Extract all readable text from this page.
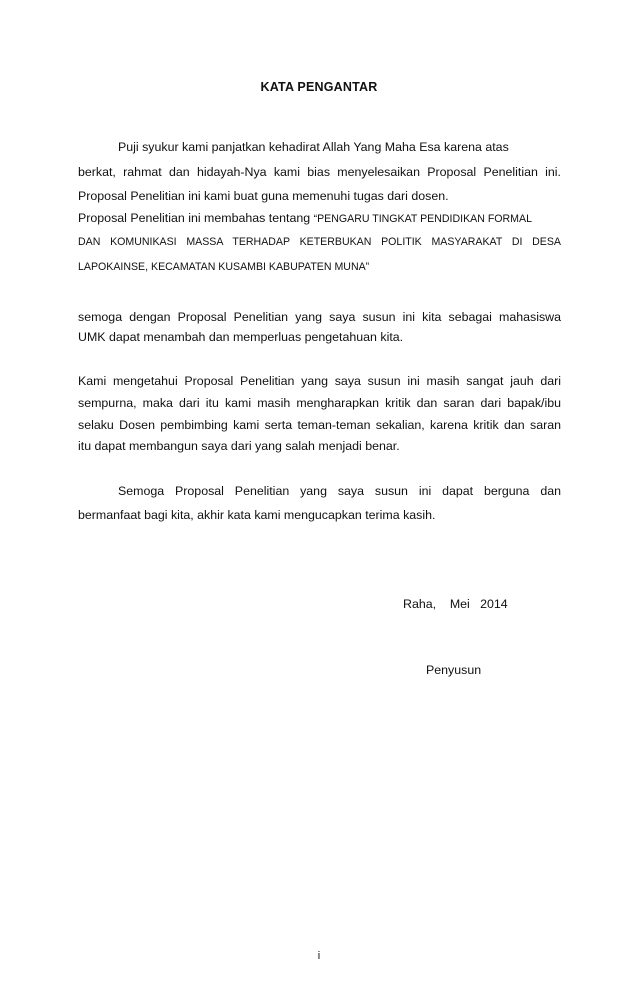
KATA PENGANTAR
Puji syukur kami panjatkan kehadirat Allah Yang Maha Esa karena atas
berkat, rahmat dan hidayah-Nya kami bias menyelesaikan Proposal Penelitian ini.
Proposal Penelitian ini kami buat guna memenuhi tugas dari dosen.
Proposal Penelitian ini membahas tentang “PENGARU TINGKAT PENDIDIKAN FORMAL
DAN KOMUNIKASI MASSA TERHADAP KETERBUKAN POLITIK MASYARAKAT DI DESA
LAPOKAINSE, KECAMATAN KUSAMBI KABUPATEN MUNA”
semoga dengan Proposal Penelitian yang saya susun ini kita sebagai mahasiswa
UMK dapat menambah dan memperluas pengetahuan kita.
Kami mengetahui Proposal Penelitian yang saya susun ini masih sangat jauh dari
sempurna, maka dari itu kami masih mengharapkan kritik dan saran dari bapak/ibu
selaku Dosen pembimbing kami serta teman-teman sekalian, karena kritik dan saran
itu dapat membangun saya dari yang salah menjadi benar.
Semoga Proposal Penelitian yang saya susun ini dapat berguna dan
bermanfaat bagi kita, akhir kata kami mengucapkan terima kasih.
Raha,    Mei   2014
Penyusun
i
